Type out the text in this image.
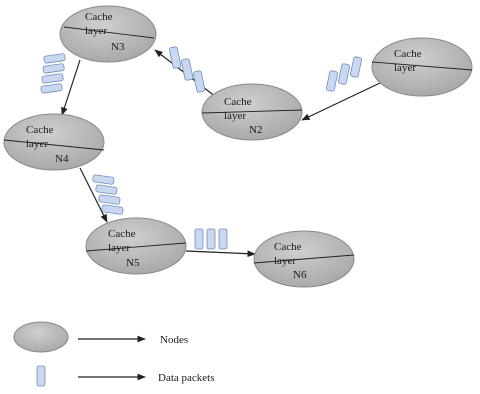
Cache
layer
N3
Cache
layer
Cache
layer
N2
Cache
layer
N4
Cache
layer
N5
Cache
layer
N6
Nodes
Data packets
